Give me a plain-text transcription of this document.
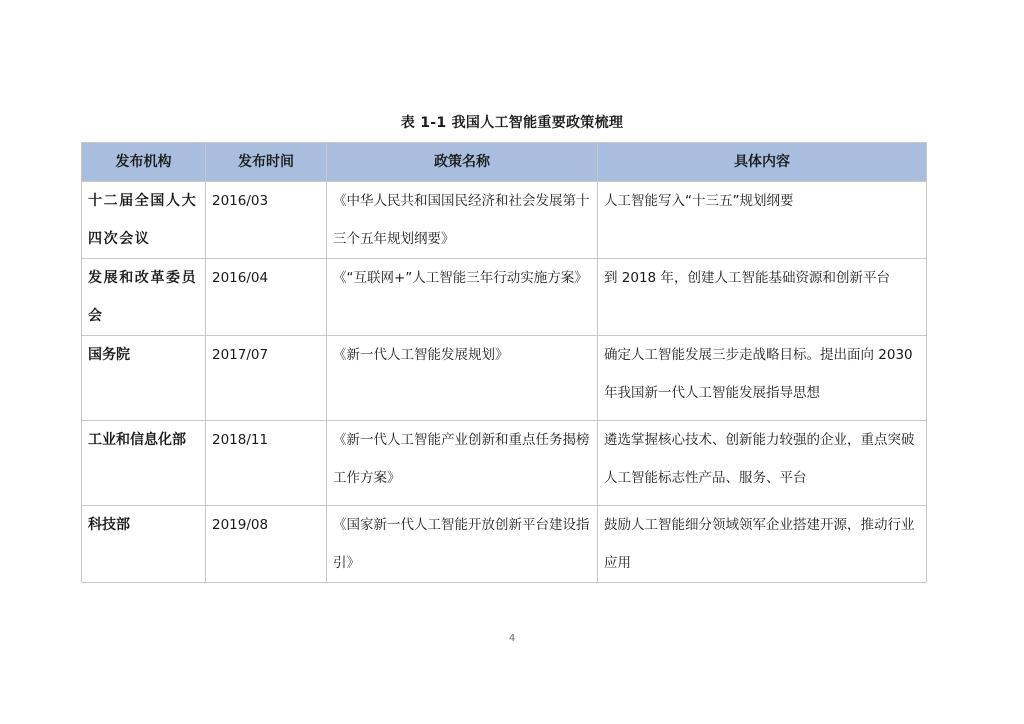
表 1-1 我国人工智能重要政策梳理
发布机构	发布时间	政策名称	具体内容
十二届全国人大四次会议	2016/03	《中华人民共和国国民经济和社会发展第十三个五年规划纲要》	人工智能写入“十三五”规划纲要
发展和改革委员会	2016/04	《“互联网+”人工智能三年行动实施方案》	到 2018 年，创建人工智能基础资源和创新平台
国务院	2017/07	《新一代人工智能发展规划》	确定人工智能发展三步走战略目标。提出面向 2030 年我国新一代人工智能发展指导思想
工业和信息化部	2018/11	《新一代人工智能产业创新和重点任务揭榜工作方案》	遴选掌握核心技术、创新能力较强的企业，重点突破人工智能标志性产品、服务、平台
科技部	2019/08	《国家新一代人工智能开放创新平台建设指引》	鼓励人工智能细分领域领军企业搭建开源，推动行业应用
4
